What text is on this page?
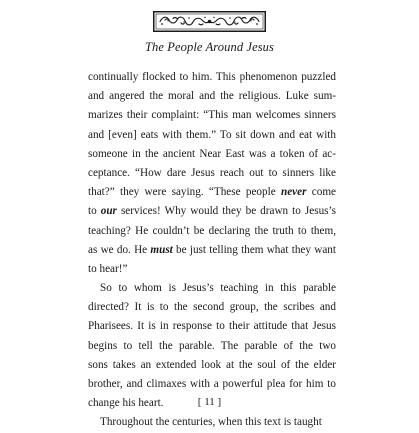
The People Around Jesus
continually flocked to him. This phenomenon puzzled
and angered the moral and the religious. Luke sum-
marizes their complaint: “This man welcomes sinners
and [even] eats with them.” To sit down and eat with
someone in the ancient Near East was a token of ac-
ceptance. “How dare Jesus reach out to sinners like
that?” they were saying. “These people never come
to our services! Why would they be drawn to Jesus’s
teaching? He couldn’t be declaring the truth to them,
as we do. He must be just telling them what they want
to hear!”
So to whom is Jesus’s teaching in this parable
directed? It is to the second group, the scribes and
Pharisees. It is in response to their attitude that Jesus
begins to tell the parable. The parable of the two
sons takes an extended look at the soul of the elder
brother, and climaxes with a powerful plea for him to
change his heart.
Throughout the centuries, when this text is taught
[ 11 ]
